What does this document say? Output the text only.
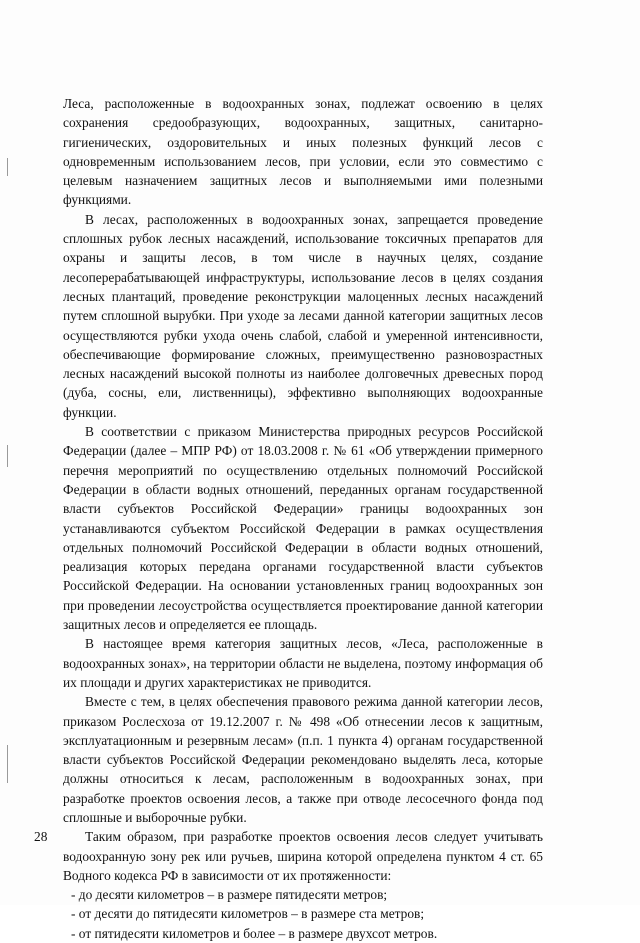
Леса, расположенные в водоохранных зонах, подлежат освоению в целях сохранения средообразующих, водоохранных, защитных, санитарно-гигиенических, оздоровительных и иных полезных функций лесов с одновременным использованием лесов, при условии, если это совместимо с целевым назначением защитных лесов и выполняемыми ими полезными функциями.

В лесах, расположенных в водоохранных зонах, запрещается проведение сплошных рубок лесных насаждений, использование токсичных препаратов для охраны и защиты лесов, в том числе в научных целях, создание лесоперерабатывающей инфраструктуры, использование лесов в целях создания лесных плантаций, проведение реконструкции малоценных лесных насаждений путем сплошной вырубки. При уходе за лесами данной категории защитных лесов осуществляются рубки ухода очень слабой, слабой и умеренной интенсивности, обеспечивающие формирование сложных, преимущественно разновозрастных лесных насаждений высокой полноты из наиболее долговечных древесных пород (дуба, сосны, ели, лиственницы), эффективно выполняющих водоохранные функции.

В соответствии с приказом Министерства природных ресурсов Российской Федерации (далее – МПР РФ) от 18.03.2008 г. № 61 «Об утверждении примерного перечня мероприятий по осуществлению отдельных полномочий Российской Федерации в области водных отношений, переданных органам государственной власти субъектов Российской Федерации» границы водоохранных зон устанавливаются субъектом Российской Федерации в рамках осуществления отдельных полномочий Российской Федерации в области водных отношений, реализация которых передана органами государственной власти субъектов Российской Федерации. На основании установленных границ водоохранных зон при проведении лесоустройства осуществляется проектирование данной категории защитных лесов и определяется ее площадь.

В настоящее время категория защитных лесов, «Леса, расположенные в водоохранных зонах», на территории области не выделена, поэтому информация об их площади и других характеристиках не приводится.

Вместе с тем, в целях обеспечения правового режима данной категории лесов, приказом Рослесхоза от 19.12.2007 г. № 498 «Об отнесении лесов к защитным, эксплуатационным и резервным лесам» (п.п. 1 пункта 4) органам государственной власти субъектов Российской Федерации рекомендовано выделять леса, которые должны относиться к лесам, расположенным в водоохранных зонах, при разработке проектов освоения лесов, а также при отводе лесосечного фонда под сплошные и выборочные рубки.

Таким образом, при разработке проектов освоения лесов следует учитывать водоохранную зону рек или ручьев, ширина которой определена пунктом 4 ст. 65 Водного кодекса РФ в зависимости от их протяженности:

- до десяти километров – в размере пятидесяти метров;

- от десяти до пятидесяти километров – в размере ста метров;

- от пятидесяти километров и более – в размере двухсот метров.

28
